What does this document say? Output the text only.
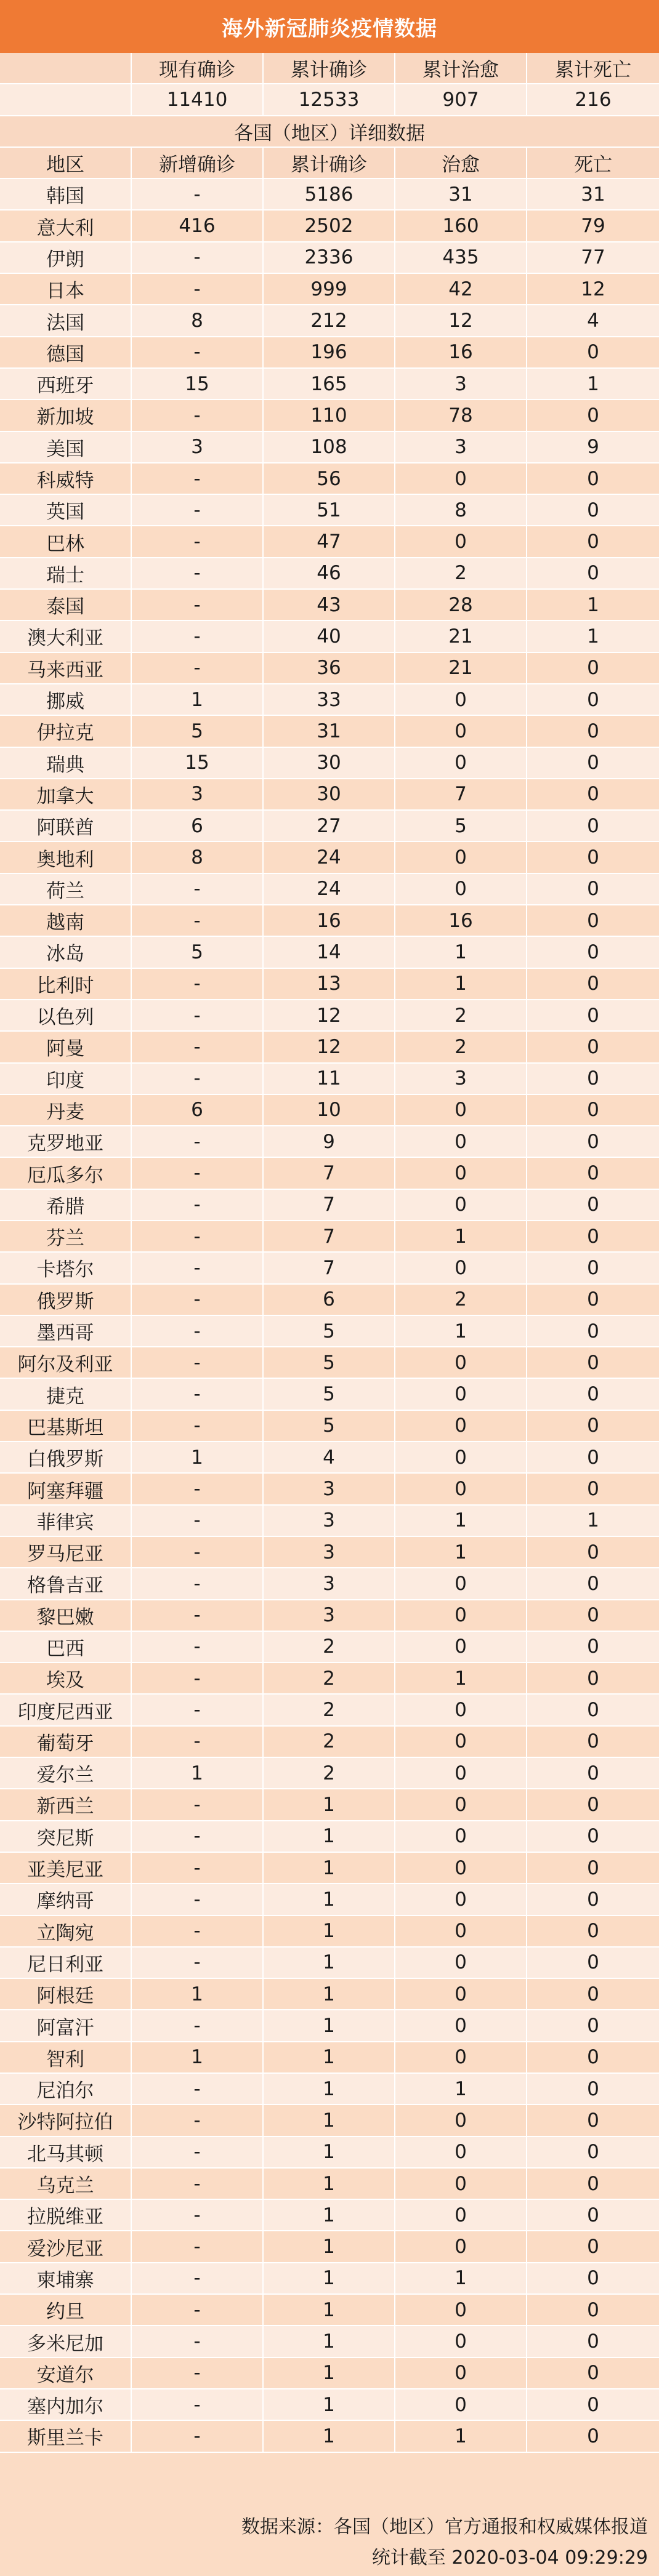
海外新冠肺炎疫情数据
现有确诊	累计确诊	累计治愈	累计死亡
11410	12533	907	216
各国（地区）详细数据
地区	新增确诊	累计确诊	治愈	死亡
韩国	-	5186	31	31
意大利	416	2502	160	79
伊朗	-	2336	435	77
日本	-	999	42	12
法国	8	212	12	4
德国	-	196	16	0
西班牙	15	165	3	1
新加坡	-	110	78	0
美国	3	108	3	9
科威特	-	56	0	0
英国	-	51	8	0
巴林	-	47	0	0
瑞士	-	46	2	0
泰国	-	43	28	1
澳大利亚	-	40	21	1
马来西亚	-	36	21	0
挪威	1	33	0	0
伊拉克	5	31	0	0
瑞典	15	30	0	0
加拿大	3	30	7	0
阿联酋	6	27	5	0
奥地利	8	24	0	0
荷兰	-	24	0	0
越南	-	16	16	0
冰岛	5	14	1	0
比利时	-	13	1	0
以色列	-	12	2	0
阿曼	-	12	2	0
印度	-	11	3	0
丹麦	6	10	0	0
克罗地亚	-	9	0	0
厄瓜多尔	-	7	0	0
希腊	-	7	0	0
芬兰	-	7	1	0
卡塔尔	-	7	0	0
俄罗斯	-	6	2	0
墨西哥	-	5	1	0
阿尔及利亚	-	5	0	0
捷克	-	5	0	0
巴基斯坦	-	5	0	0
白俄罗斯	1	4	0	0
阿塞拜疆	-	3	0	0
菲律宾	-	3	1	1
罗马尼亚	-	3	1	0
格鲁吉亚	-	3	0	0
黎巴嫩	-	3	0	0
巴西	-	2	0	0
埃及	-	2	1	0
印度尼西亚	-	2	0	0
葡萄牙	-	2	0	0
爱尔兰	1	2	0	0
新西兰	-	1	0	0
突尼斯	-	1	0	0
亚美尼亚	-	1	0	0
摩纳哥	-	1	0	0
立陶宛	-	1	0	0
尼日利亚	-	1	0	0
阿根廷	1	1	0	0
阿富汗	-	1	0	0
智利	1	1	0	0
尼泊尔	-	1	1	0
沙特阿拉伯	-	1	0	0
北马其顿	-	1	0	0
乌克兰	-	1	0	0
拉脱维亚	-	1	0	0
爱沙尼亚	-	1	0	0
柬埔寨	-	1	1	0
约旦	-	1	0	0
多米尼加	-	1	0	0
安道尔	-	1	0	0
塞内加尔	-	1	0	0
斯里兰卡	-	1	1	0
数据来源：各国（地区）官方通报和权威媒体报道
统计截至 2020-03-04 09:29:29
